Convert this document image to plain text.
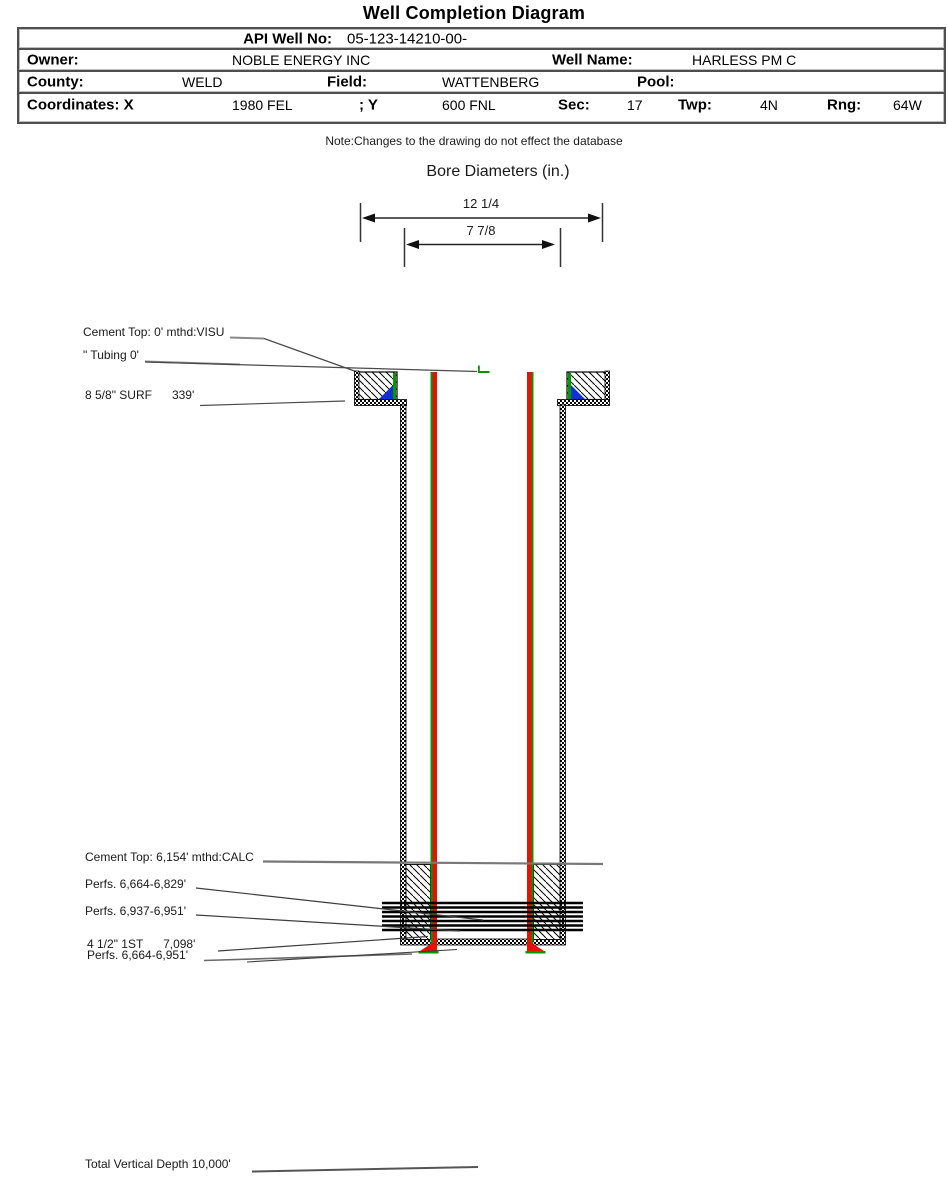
Well Completion Diagram
API Well No: 05-123-14210-00-
Owner:	NOBLE ENERGY INC	Well Name:	HARLESS PM C
County:	WELD	Field:	WATTENBERG	Pool:
Coordinates: X	1980 FEL	; Y	600 FNL	Sec:	17 Twp:	4N	Rng: 64W
Note:Changes to the drawing do not effect the database
Bore Diameters (in.)
12 1/4
7 7/8
Cement Top: 0' mthd:VISU
" Tubing 0'
8 5/8" SURF      339'
Cement Top: 6,154' mthd:CALC
Perfs. 6,664-6,829'
Perfs. 6,937-6,951'
4 1/2" 1ST      7,098'
Perfs. 6,664-6,951'
Total Vertical Depth 10,000'
